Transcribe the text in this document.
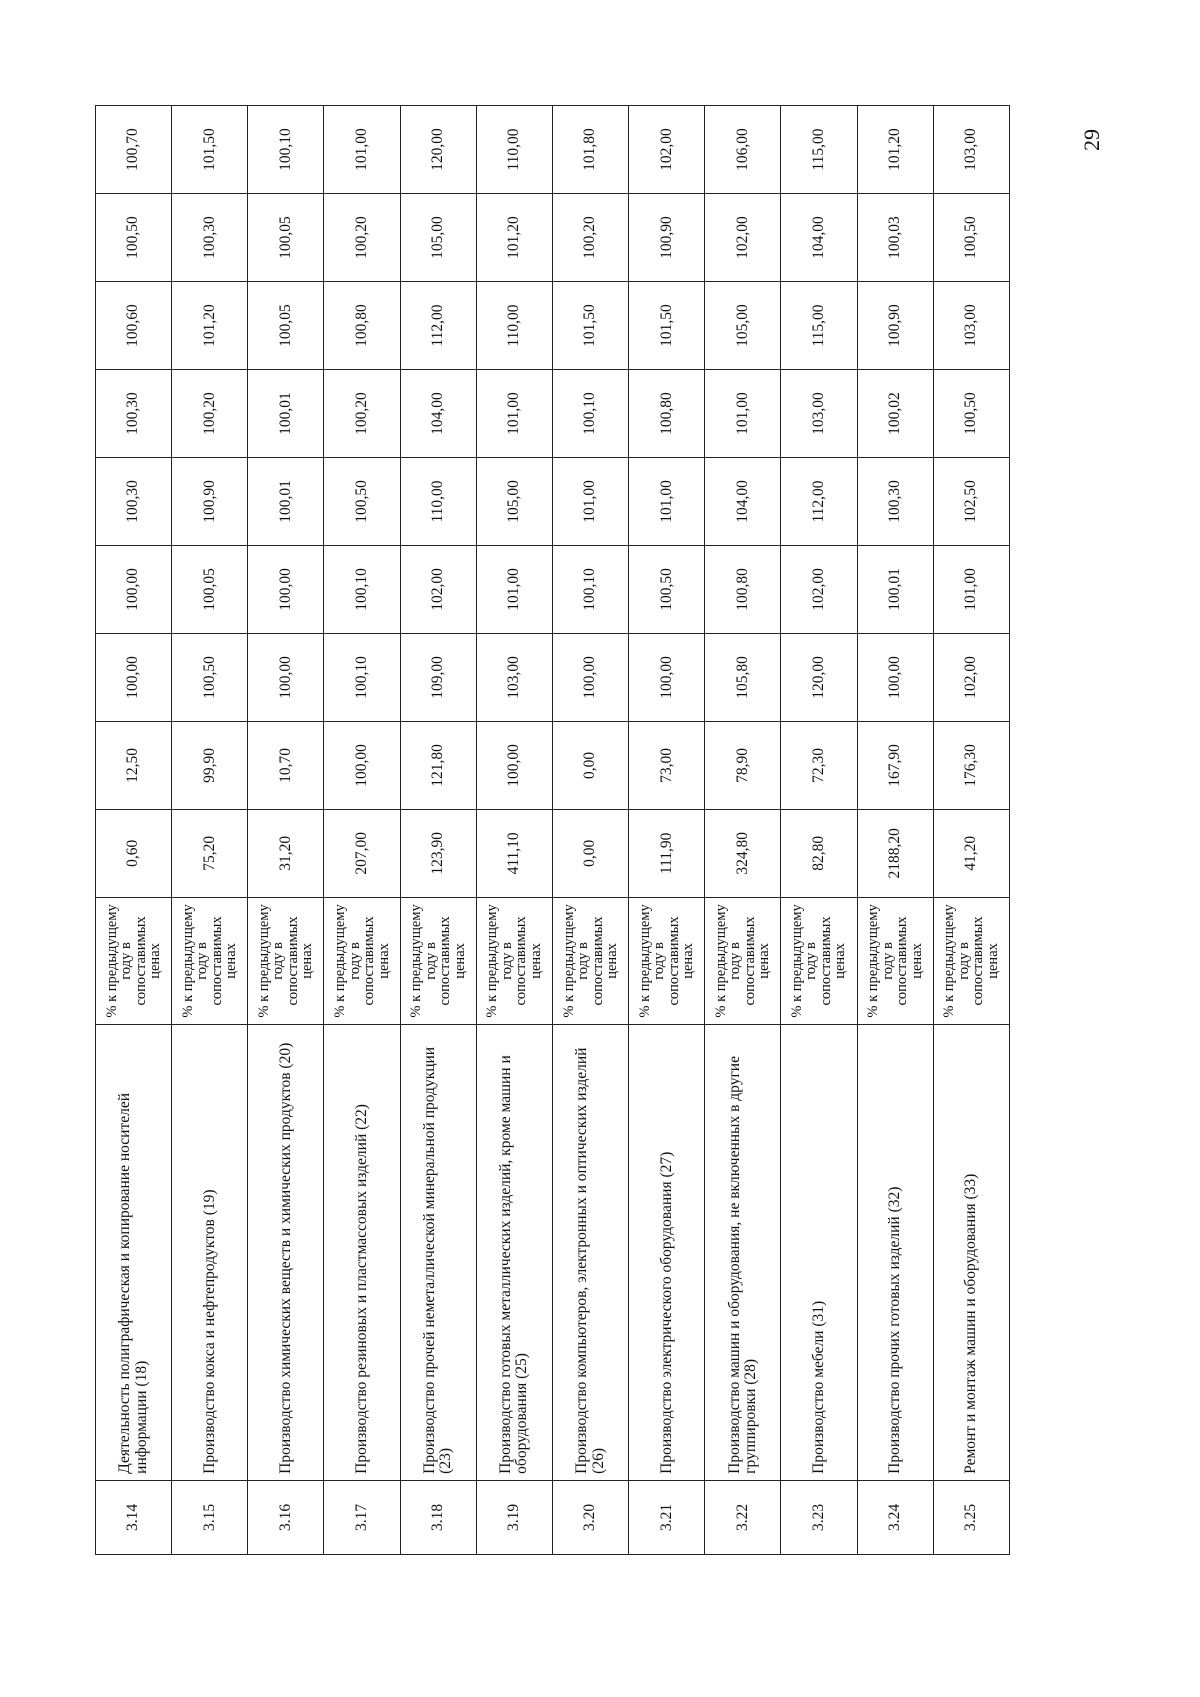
29
3.14	Деятельность полиграфическая и копирование носителей информации (18)	% к предыдущему году в сопоставимых ценах	0,60	12,50	100,00	100,00	100,30	100,30	100,60	100,50	100,70
3.15	Производство кокса и нефтепродуктов (19)	% к предыдущему году в сопоставимых ценах	75,20	99,90	100,50	100,05	100,90	100,20	101,20	100,30	101,50
3.16	Производство химических веществ и химических продуктов (20)	% к предыдущему году в сопоставимых ценах	31,20	10,70	100,00	100,00	100,01	100,01	100,05	100,05	100,10
3.17	Производство резиновых и пластмассовых изделий (22)	% к предыдущему году в сопоставимых ценах	207,00	100,00	100,10	100,10	100,50	100,20	100,80	100,20	101,00
3.18	Производство прочей неметаллической минеральной продукции (23)	% к предыдущему году в сопоставимых ценах	123,90	121,80	109,00	102,00	110,00	104,00	112,00	105,00	120,00
3.19	Производство готовых металлических изделий, кроме машин и оборудования (25)	% к предыдущему году в сопоставимых ценах	411,10	100,00	103,00	101,00	105,00	101,00	110,00	101,20	110,00
3.20	Производство компьютеров, электронных и оптических изделий (26)	% к предыдущему году в сопоставимых ценах	0,00	0,00	100,00	100,10	101,00	100,10	101,50	100,20	101,80
3.21	Производство электрического оборудования (27)	% к предыдущему году в сопоставимых ценах	111,90	73,00	100,00	100,50	101,00	100,80	101,50	100,90	102,00
3.22	Производство машин и оборудования, не включенных в другие группировки (28)	% к предыдущему году в сопоставимых ценах	324,80	78,90	105,80	100,80	104,00	101,00	105,00	102,00	106,00
3.23	Производство мебели (31)	% к предыдущему году в сопоставимых ценах	82,80	72,30	120,00	102,00	112,00	103,00	115,00	104,00	115,00
3.24	Производство прочих готовых изделий (32)	% к предыдущему году в сопоставимых ценах	2188,20	167,90	100,00	100,01	100,30	100,02	100,90	100,03	101,20
3.25	Ремонт и монтаж машин и оборудования (33)	% к предыдущему году в сопоставимых ценах	41,20	176,30	102,00	101,00	102,50	100,50	103,00	100,50	103,00
